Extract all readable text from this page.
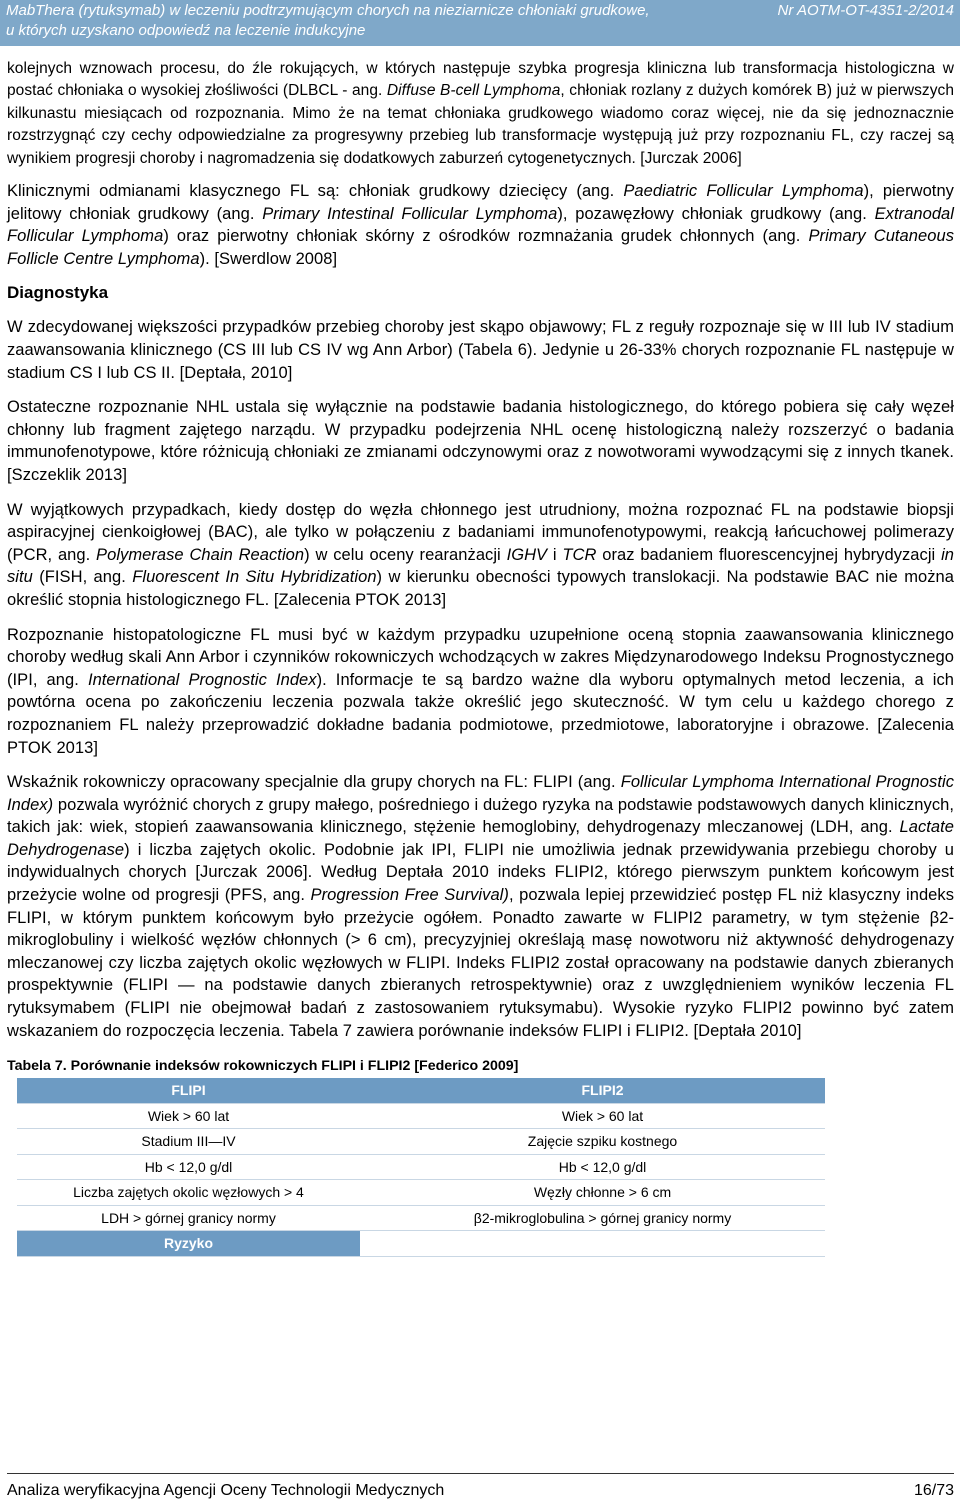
MabThera (rytuksymab) w leczeniu podtrzymującym chorych na nieziarnicze chłoniaki grudkowe,
u których uzyskano odpowiedź na leczenie indukcyjne
Nr AOTM-OT-4351-2/2014

kolejnych wznowach procesu, do źle rokujących, w których następuje szybka progresja kliniczna lub transformacja histologiczna w postać chłoniaka o wysokiej złośliwości (DLBCL - ang. Diffuse B-cell Lymphoma, chłoniak rozlany z dużych komórek B) już w pierwszych kilkunastu miesiącach od rozpoznania. Mimo że na temat chłoniaka grudkowego wiadomo coraz więcej, nie da się jednoznacznie rozstrzygnąć czy cechy odpowiedzialne za progresywny przebieg lub transformacje występują już przy rozpoznaniu FL, czy raczej są wynikiem progresji choroby i nagromadzenia się dodatkowych zaburzeń cytogenetycznych. [Jurczak 2006]

Klinicznymi odmianami klasycznego FL są: chłoniak grudkowy dziecięcy (ang. Paediatric Follicular Lymphoma), pierwotny jelitowy chłoniak grudkowy (ang. Primary Intestinal Follicular Lymphoma), pozawęzłowy chłoniak grudkowy (ang. Extranodal Follicular Lymphoma) oraz pierwotny chłoniak skórny z ośrodków rozmnażania grudek chłonnych (ang. Primary Cutaneous Follicle Centre Lymphoma). [Swerdlow 2008]

Diagnostyka

W zdecydowanej większości przypadków przebieg choroby jest skąpo objawowy; FL z reguły rozpoznaje się w III lub IV stadium zaawansowania klinicznego (CS III lub CS IV wg Ann Arbor) (Tabela 6). Jedynie u 26-33% chorych rozpoznanie FL następuje w stadium CS I lub CS II. [Deptała, 2010]

Ostateczne rozpoznanie NHL ustala się wyłącznie na podstawie badania histologicznego, do którego pobiera się cały węzeł chłonny lub fragment zajętego narządu. W przypadku podejrzenia NHL ocenę histologiczną należy rozszerzyć o badania immunofenotypowe, które różnicują chłoniaki ze zmianami odczynowymi oraz z nowotworami wywodzącymi się z innych tkanek. [Szczeklik 2013]

W wyjątkowych przypadkach, kiedy dostęp do węzła chłonnego jest utrudniony, można rozpoznać FL na podstawie biopsji aspiracyjnej cienkoigłowej (BAC), ale tylko w połączeniu z badaniami immunofenotypowymi, reakcją łańcuchowej polimerazy (PCR, ang. Polymerase Chain Reaction) w celu oceny rearanżacji IGHV i TCR oraz badaniem fluorescencyjnej hybrydyzacji in situ (FISH, ang. Fluorescent In Situ Hybridization) w kierunku obecności typowych translokacji. Na podstawie BAC nie można określić stopnia histologicznego FL. [Zalecenia PTOK 2013]

Rozpoznanie histopatologiczne FL musi być w każdym przypadku uzupełnione oceną stopnia zaawansowania klinicznego choroby według skali Ann Arbor i czynników rokowniczych wchodzących w zakres Międzynarodowego Indeksu Prognostycznego (IPI, ang. International Prognostic Index). Informacje te są bardzo ważne dla wyboru optymalnych metod leczenia, a ich powtórna ocena po zakończeniu leczenia pozwala także określić jego skuteczność. W tym celu u każdego chorego z rozpoznaniem FL należy przeprowadzić dokładne badania podmiotowe, przedmiotowe, laboratoryjne i obrazowe. [Zalecenia PTOK 2013]

Wskaźnik rokowniczy opracowany specjalnie dla grupy chorych na FL: FLIPI (ang. Follicular Lymphoma International Prognostic Index) pozwala wyróżnić chorych z grupy małego, pośredniego i dużego ryzyka na podstawie podstawowych danych klinicznych, takich jak: wiek, stopień zaawansowania klinicznego, stężenie hemoglobiny, dehydrogenazy mleczanowej (LDH, ang. Lactate Dehydrogenase) i liczba zajętych okolic. Podobnie jak IPI, FLIPI nie umożliwia jednak przewidywania przebiegu choroby u indywidualnych chorych [Jurczak 2006]. Według Deptała 2010 indeks FLIPI2, którego pierwszym punktem końcowym jest przeżycie wolne od progresji (PFS, ang. Progression Free Survival), pozwala lepiej przewidzieć postęp FL niż klasyczny indeks FLIPI, w którym punktem końcowym było przeżycie ogółem. Ponadto zawarte w FLIPI2 parametry, w tym stężenie β2-mikroglobuliny i wielkość węzłów chłonnych (> 6 cm), precyzyjniej określają masę nowotworu niż aktywność dehydrogenazy mleczanowej czy liczba zajętych okolic węzłowych w FLIPI. Indeks FLIPI2 został opracowany na podstawie danych zbieranych prospektywnie (FLIPI — na podstawie danych zbieranych retrospektywnie) oraz z uwzględnieniem wyników leczenia FL rytuksymabem (FLIPI nie obejmował badań z zastosowaniem rytuksymabu). Wysokie ryzyko FLIPI2 powinno być zatem wskazaniem do rozpoczęcia leczenia. Tabela 7 zawiera porównanie indeksów FLIPI i FLIPI2. [Deptała 2010]

Tabela 7. Porównanie indeksów rokowniczych FLIPI i FLIPI2 [Federico 2009]
FLIPI		FLIPI2
Wiek > 60 lat		Wiek > 60 lat
Stadium III—IV		Zajęcie szpiku kostnego
Hb < 12,0 g/dl		Hb < 12,0 g/dl
Liczba zajętych okolic węzłowych > 4		Węzły chłonne > 6 cm
LDH > górnej granicy normy		β2-mikroglobulina > górnej granicy normy
Ryzyko		
Analiza weryfikacyjna Agencji Oceny Technologii Medycznych	16/73
